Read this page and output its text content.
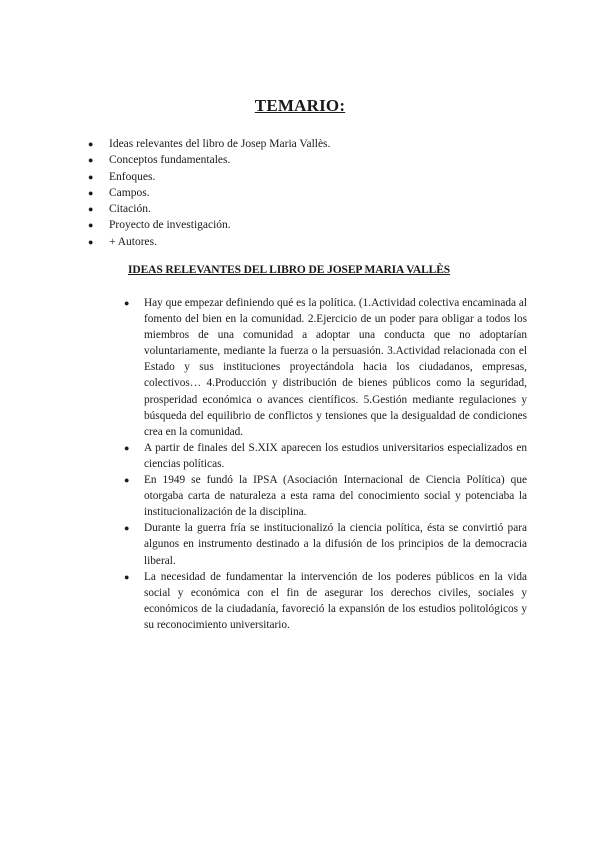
TEMARIO:
● Ideas relevantes del libro de Josep Maria Vallès.
● Conceptos fundamentales.
● Enfoques.
● Campos.
● Citación.
● Proyecto de investigación.
● + Autores.
IDEAS RELEVANTES DEL LIBRO DE JOSEP MARIA VALLÈS
● Hay que empezar definiendo qué es la política. (1.Actividad colectiva encaminada al fomento del bien en la comunidad. 2.Ejercicio de un poder para obligar a todos los miembros de una comunidad a adoptar una conducta que no adoptarían voluntariamente, mediante la fuerza o la persuasión. 3.Actividad relacionada con el Estado y sus instituciones proyectándola hacia los ciudadanos, empresas, colectivos… 4.Producción y distribución de bienes públicos como la seguridad, prosperidad económica o avances científicos. 5.Gestión mediante regulaciones y búsqueda del equilibrio de conflictos y tensiones que la desigualdad de condiciones crea en la comunidad.
● A partir de finales del S.XIX aparecen los estudios universitarios especializados en ciencias políticas.
● En 1949 se fundó la IPSA (Asociación Internacional de Ciencia Política) que otorgaba carta de naturaleza a esta rama del conocimiento social y potenciaba la institucionalización de la disciplina.
● Durante la guerra fría se institucionalizó la ciencia política, ésta se convirtió para algunos en instrumento destinado a la difusión de los principios de la democracia liberal.
● La necesidad de fundamentar la intervención de los poderes públicos en la vida social y económica con el fin de asegurar los derechos civiles, sociales y económicos de la ciudadanía, favoreció la expansión de los estudios politológicos y su reconocimiento universitario.
